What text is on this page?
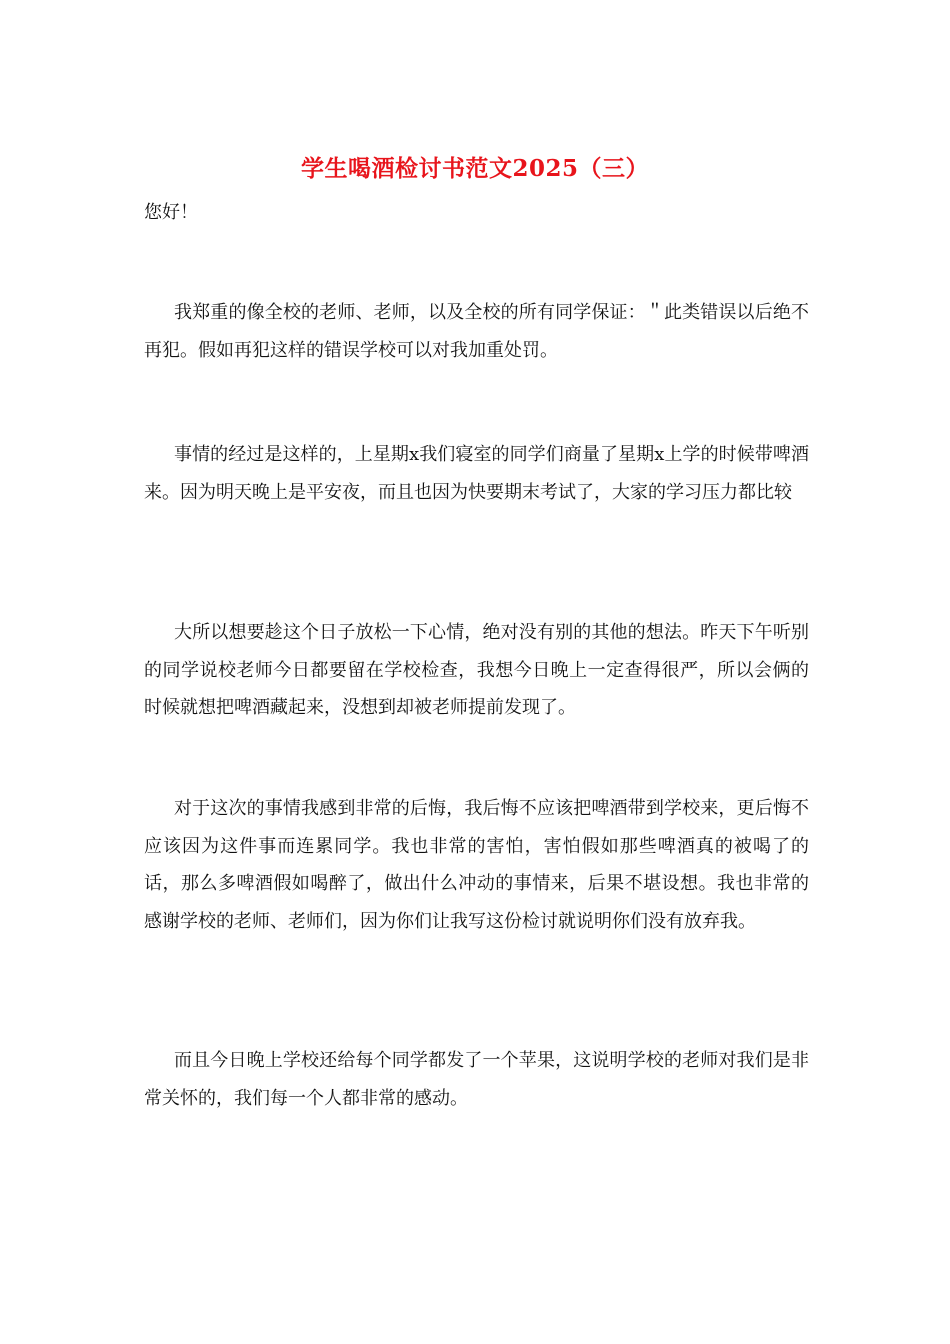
学生喝酒检讨书范文2025（三）
您好！

我郑重的像全校的老师、老师，以及全校的所有同学保证：＂此类错误以后绝不再犯。假如再犯这样的错误学校可以对我加重处罚。

事情的经过是这样的，上星期x我们寝室的同学们商量了星期x上学的时候带啤酒来。因为明天晚上是平安夜，而且也因为快要期末考试了，大家的学习压力都比较

大所以想要趁这个日子放松一下心情，绝对没有别的其他的想法。昨天下午听别的同学说校老师今日都要留在学校检查，我想今日晚上一定查得很严，所以会俩的时候就想把啤酒藏起来，没想到却被老师提前发现了。

对于这次的事情我感到非常的后悔，我后悔不应该把啤酒带到学校来，更后悔不应该因为这件事而连累同学。我也非常的害怕，害怕假如那些啤酒真的被喝了的话，那么多啤酒假如喝醉了，做出什么冲动的事情来，后果不堪设想。我也非常的感谢学校的老师、老师们，因为你们让我写这份检讨就说明你们没有放弃我。

而且今日晚上学校还给每个同学都发了一个苹果，这说明学校的老师对我们是非常关怀的，我们每一个人都非常的感动。
